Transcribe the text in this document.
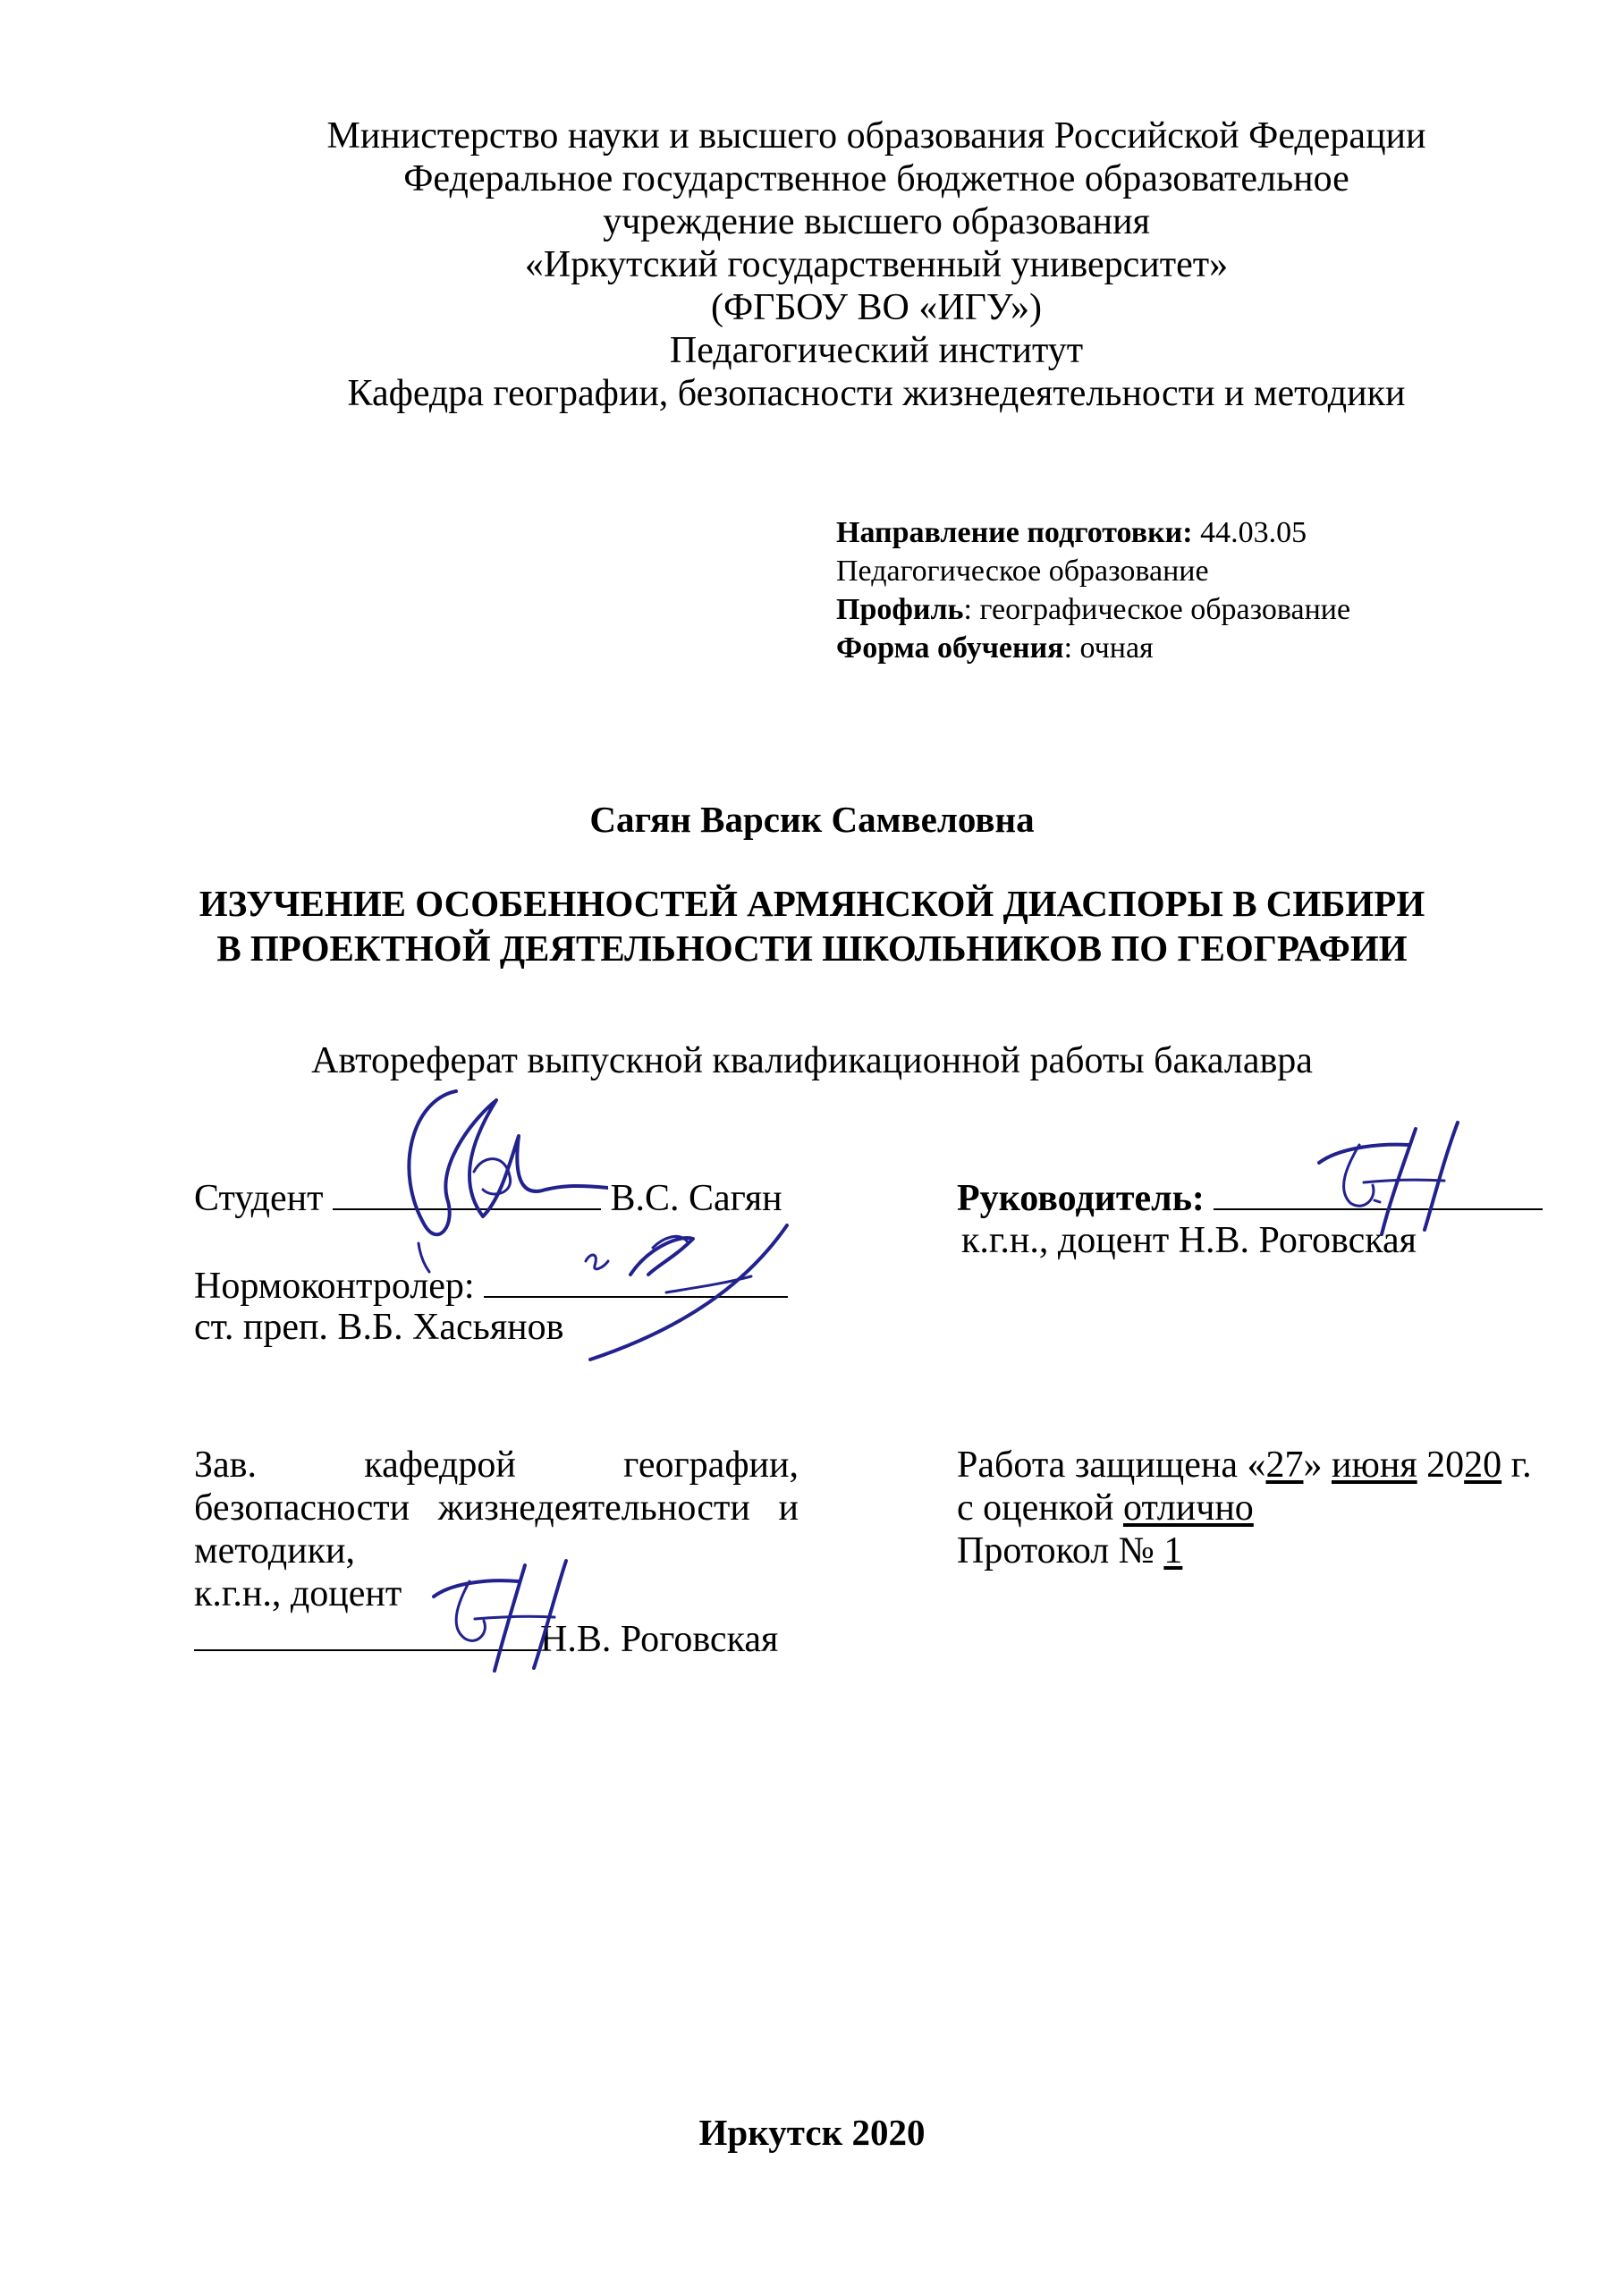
Министерство науки и высшего образования Российской Федерации
Федеральное государственное бюджетное образовательное
учреждение высшего образования
«Иркутский государственный университет»
(ФГБОУ ВО «ИГУ»)
Педагогический институт
Кафедра географии, безопасности жизнедеятельности и методики
Направление подготовки: 44.03.05
Педагогическое образование
Профиль: географическое образование
Форма обучения: очная
Сагян Варсик Самвеловна
ИЗУЧЕНИЕ ОСОБЕННОСТЕЙ АРМЯНСКОЙ ДИАСПОРЫ В СИБИРИ
В ПРОЕКТНОЙ ДЕЯТЕЛЬНОСТИ ШКОЛЬНИКОВ ПО ГЕОГРАФИИ
Автореферат выпускной квалификационной работы бакалавра
Студент	В.С. Сагян	Руководитель:
к.г.н., доцент Н.В. Роговская
Нормоконтролер:
ст. преп. В.Б. Хасьянов
Зав.	кафедрой	географии,
безопасности жизнедеятельности и
методики,
к.г.н., доцент
Н.В. Роговская
Работа защищена «27» июня 2020 г.
с оценкой отлично
Протокол № 1
Иркутск 2020
